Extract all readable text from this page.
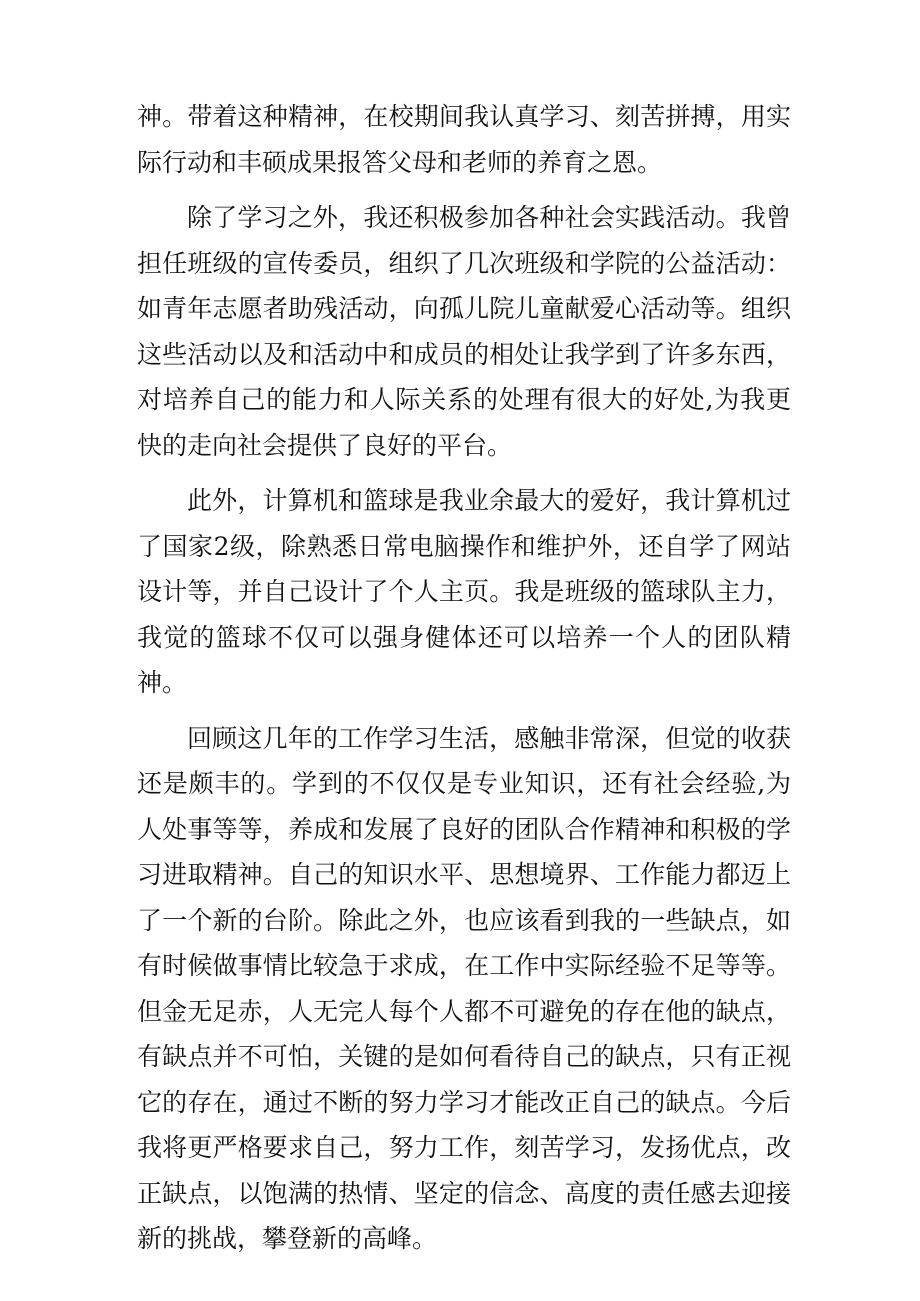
神。带着这种精神，在校期间我认真学习、刻苦拼搏，用实际行动和丰硕成果报答父母和老师的养育之恩。

除了学习之外，我还积极参加各种社会实践活动。我曾担任班级的宣传委员，组织了几次班级和学院的公益活动：如青年志愿者助残活动，向孤儿院儿童献爱心活动等。组织这些活动以及和活动中和成员的相处让我学到了许多东西，对培养自己的能力和人际关系的处理有很大的好处,为我更快的走向社会提供了良好的平台。

此外，计算机和篮球是我业余最大的爱好，我计算机过了国家2级，除熟悉日常电脑操作和维护外，还自学了网站设计等，并自己设计了个人主页。我是班级的篮球队主力，我觉的篮球不仅可以强身健体还可以培养一个人的团队精神。

回顾这几年的工作学习生活，感触非常深，但觉的收获还是颇丰的。学到的不仅仅是专业知识，还有社会经验,为人处事等等，养成和发展了良好的团队合作精神和积极的学习进取精神。自己的知识水平、思想境界、工作能力都迈上了一个新的台阶。除此之外，也应该看到我的一些缺点，如有时候做事情比较急于求成，在工作中实际经验不足等等。但金无足赤，人无完人每个人都不可避免的存在他的缺点，有缺点并不可怕，关键的是如何看待自己的缺点，只有正视它的存在，通过不断的努力学习才能改正自己的缺点。今后我将更严格要求自己，努力工作，刻苦学习，发扬优点，改正缺点，以饱满的热情、坚定的信念、高度的责任感去迎接新的挑战，攀登新的高峰。
